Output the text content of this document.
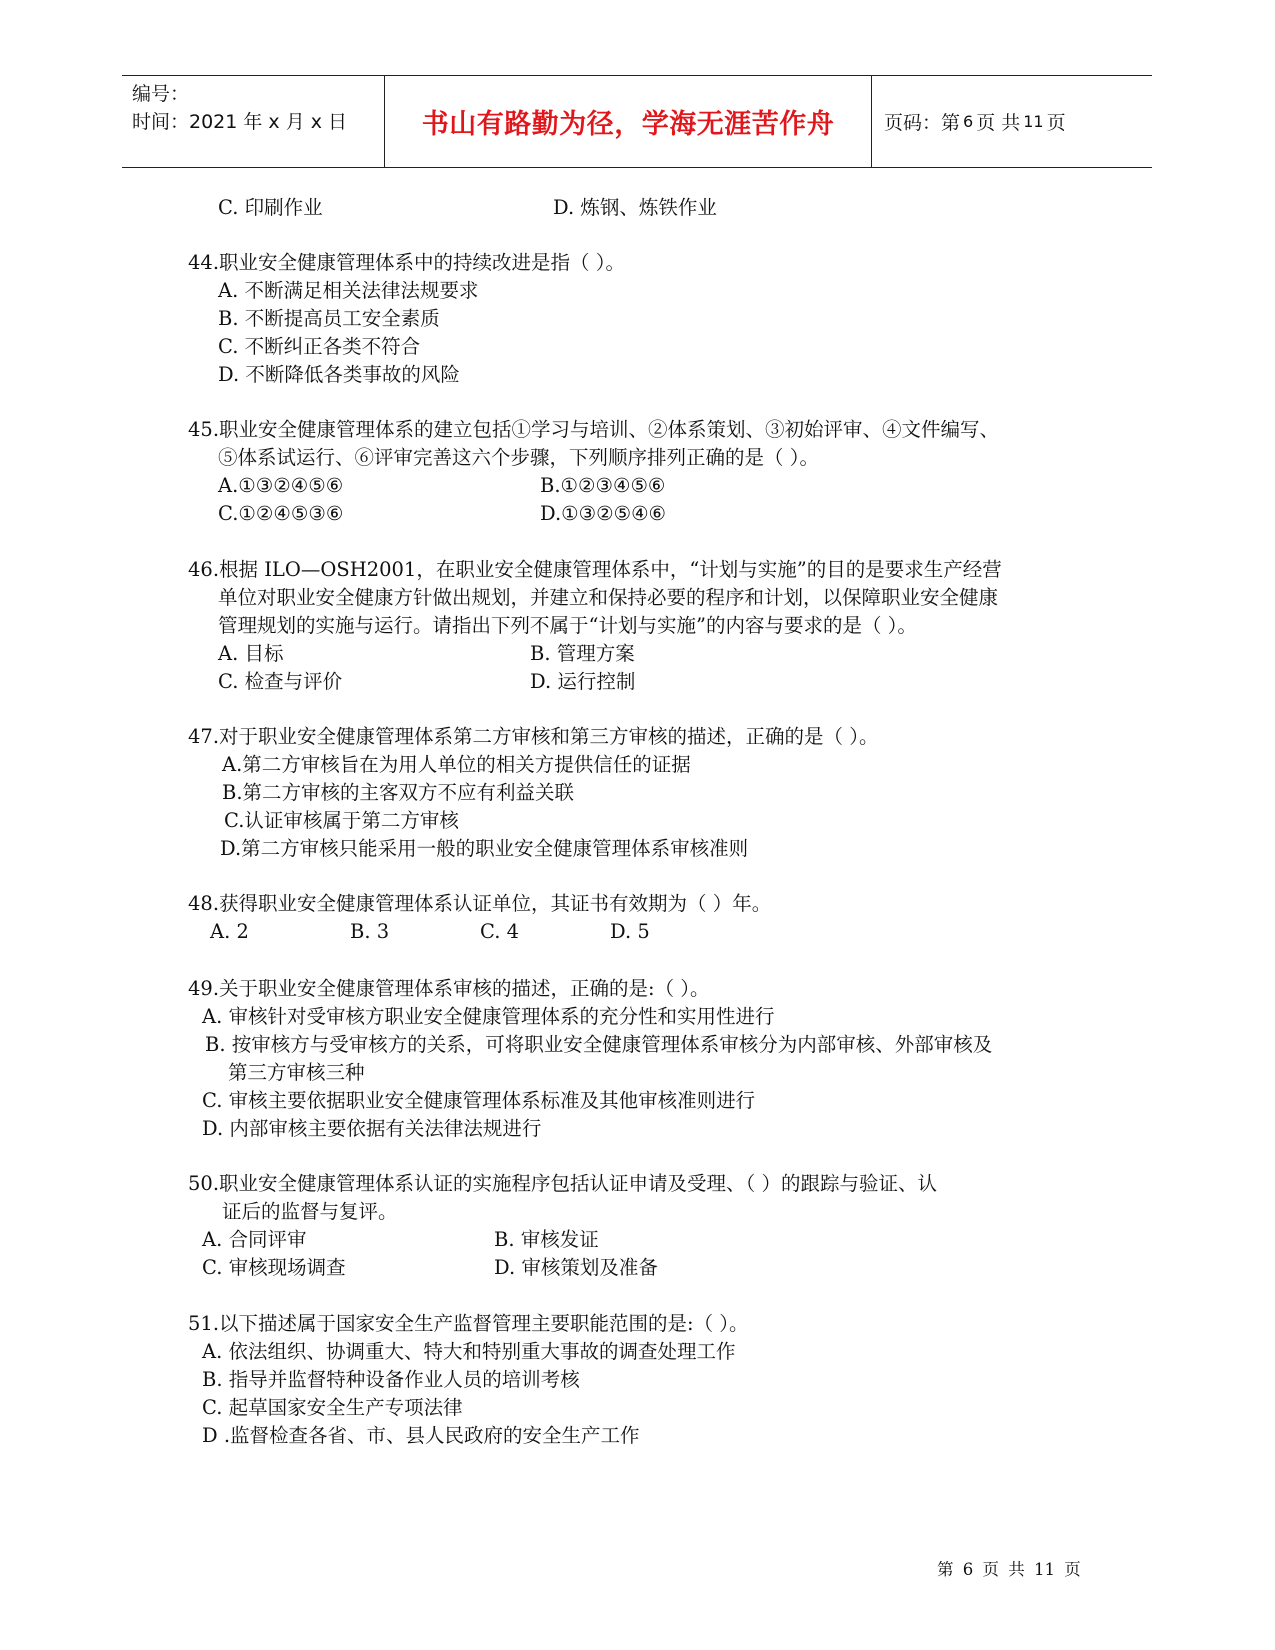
编号：
时间：2021 年 x 月 x 日	书山有路勤为径，学海无涯苦作舟	页码：第 6 页 共 11 页
C. 印刷作业	D. 炼钢、炼铁作业
44.职业安全健康管理体系中的持续改进是指（ ）。
A. 不断满足相关法律法规要求
B. 不断提高员工安全素质
C. 不断纠正各类不符合
D. 不断降低各类事故的风险
45.职业安全健康管理体系的建立包括①学习与培训、②体系策划、③初始评审、④文件编写、
⑤体系试运行、⑥评审完善这六个步骤，下列顺序排列正确的是（ ）。
A.①③②④⑤⑥	B.①②③④⑤⑥
C.①②④⑤③⑥	D.①③②⑤④⑥
46.根据 ILO—OSH2001，在职业安全健康管理体系中，“计划与实施”的目的是要求生产经营
单位对职业安全健康方针做出规划，并建立和保持必要的程序和计划，以保障职业安全健康
管理规划的实施与运行。请指出下列不属于“计划与实施”的内容与要求的是（ ）。
A. 目标	B. 管理方案
C. 检查与评价	D. 运行控制
47.对于职业安全健康管理体系第二方审核和第三方审核的描述，正确的是（ ）。
A.第二方审核旨在为用人单位的相关方提供信任的证据
B.第二方审核的主客双方不应有利益关联
C.认证审核属于第二方审核
D.第二方审核只能采用一般的职业安全健康管理体系审核准则
48.获得职业安全健康管理体系认证单位，其证书有效期为（ ）年。
A. 2	B. 3	C. 4	D. 5
49.关于职业安全健康管理体系审核的描述，正确的是:（ ）。
A. 审核针对受审核方职业安全健康管理体系的充分性和实用性进行
B. 按审核方与受审核方的关系，可将职业安全健康管理体系审核分为内部审核、外部审核及
第三方审核三种
C. 审核主要依据职业安全健康管理体系标准及其他审核准则进行
D. 内部审核主要依据有关法律法规进行
50.职业安全健康管理体系认证的实施程序包括认证申请及受理、（ ）的跟踪与验证、认
证后的监督与复评。
A. 合同评审	B. 审核发证
C. 审核现场调查	D. 审核策划及准备
51.以下描述属于国家安全生产监督管理主要职能范围的是:（ ）。
A. 依法组织、协调重大、特大和特别重大事故的调查处理工作
B. 指导并监督特种设备作业人员的培训考核
C. 起草国家安全生产专项法律
D .监督检查各省、市、县人民政府的安全生产工作
第 6 页 共 11 页
